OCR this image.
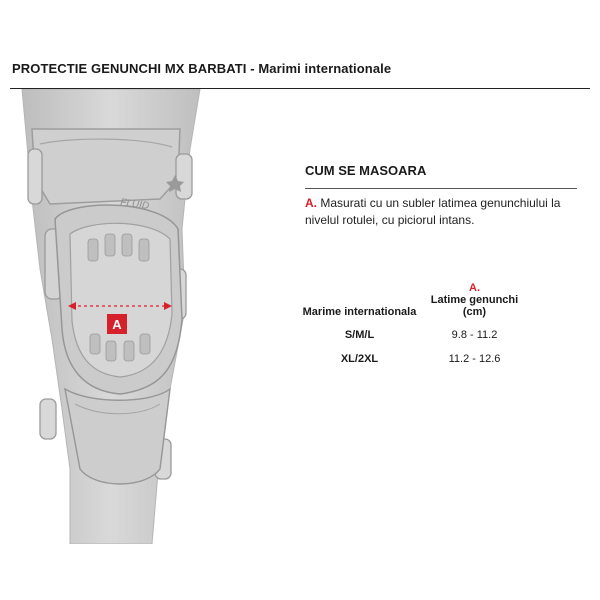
PROTECTIE GENUNCHI MX BARBATI - Marimi internationale
FLUID
A
CUM SE MASOARA
A. Masurati cu un subler latimea genunchiului la nivelul rotulei, cu piciorul intans.
Marime internationala	A.
Latime genunchi (cm)
S/M/L	9.8 - 11.2
XL/2XL	11.2 - 12.6
